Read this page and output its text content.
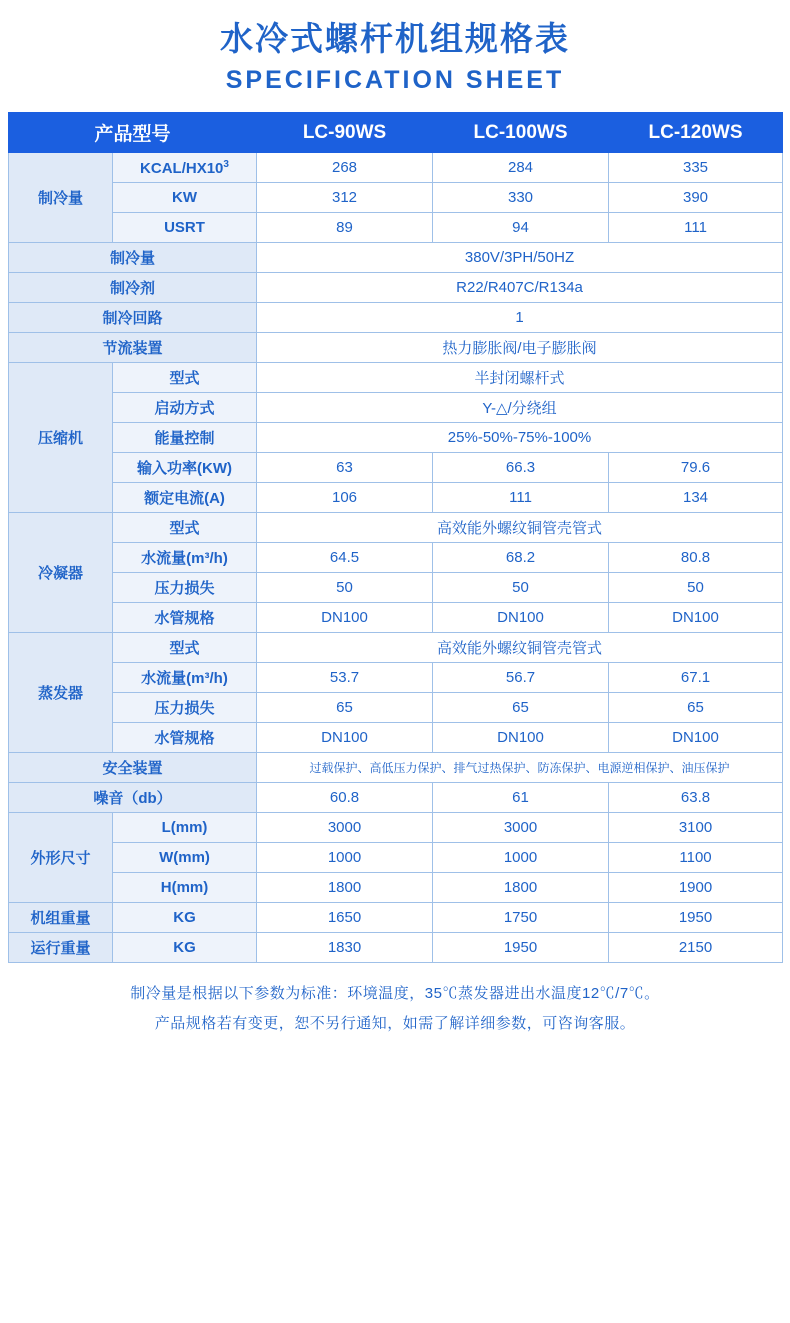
水冷式螺杆机组规格表
SPECIFICATION SHEET
产品型号		LC-90WS	LC-100WS	LC-120WS
制冷量	KCAL/$HX10^3$	268	284	335
	KW	312	330	390
	USRT	89	94	111
制冷量		380V/3PH/50HZ		
制冷剂		R22/R407C/R134a		
制冷回路		1		
节流装置		热力膨胀阀/电子膨胀阀		
压缩机	型式	半封闭螺杆式		
	启动方式	Y-△/分绕组		
	能量控制	25%-50%-75%-100%		
	输入功率(KW)	63	66.3	79.6
	额定电流(A)	106	111	134
冷凝器	型式	高效能外螺纹铜管壳管式		
	水流量(m³/h)	64.5	68.2	80.8
	压力损失	50	50	50
	水管规格	DN100	DN100	DN100
蒸发器	型式	高效能外螺纹铜管壳管式		
	水流量(m³/h)	53.7	56.7	67.1
	压力损失	65	65	65
	水管规格	DN100	DN100	DN100
安全装置		过载保护、高低压力保护、排气过热保护、防冻保护、电源逆相保护、油压保护		
噪音（db）		60.8	61	63.8
外形尺寸	L(mm)	3000	3000	3100
	W(mm)	1000	1000	1100
	H(mm)	1800	1800	1900
机组重量	KG	1650	1750	1950
运行重量	KG	1830	1950	2150
制冷量是根据以下参数为标准：环境温度，35℃蒸发器进出水温度12℃/7℃。
产品规格若有变更，恕不另行通知，如需了解详细参数，可咨询客服。
